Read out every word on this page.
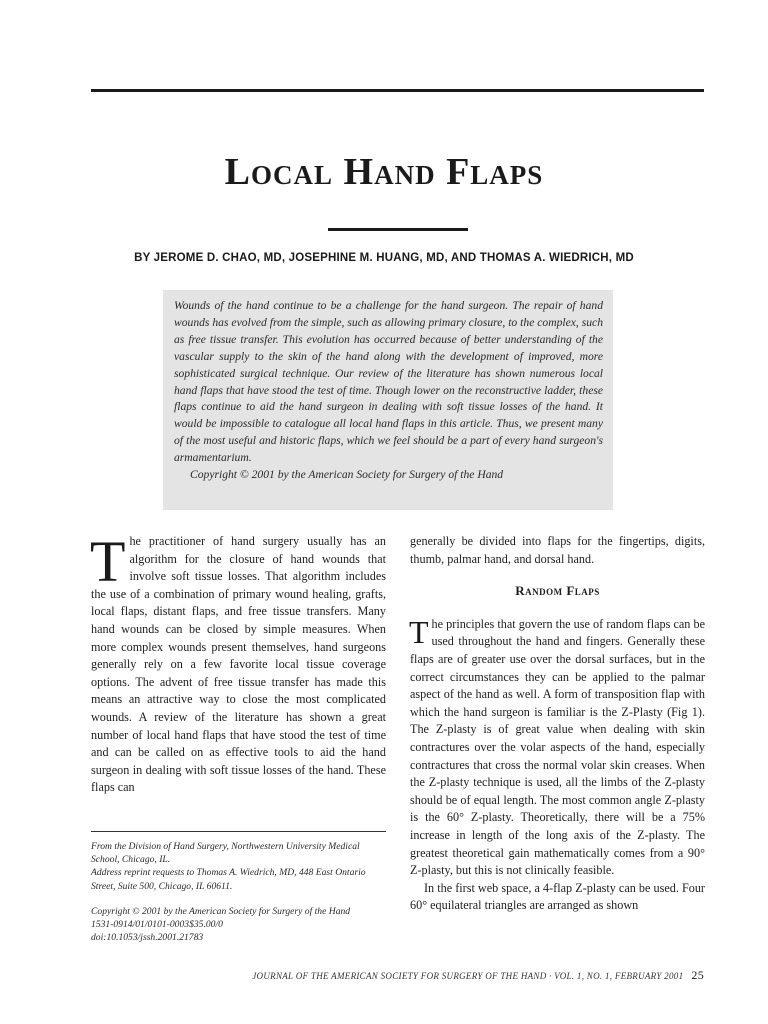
Local Hand Flaps
BY JEROME D. CHAO, MD, JOSEPHINE M. HUANG, MD, AND THOMAS A. WIEDRICH, MD

Wounds of the hand continue to be a challenge for the hand surgeon. The repair of hand wounds has evolved from the simple, such as allowing primary closure, to the complex, such as free tissue transfer. This evolution has occurred because of better understanding of the vascular supply to the skin of the hand along with the development of improved, more sophisticated surgical technique. Our review of the literature has shown numerous local hand flaps that have stood the test of time. Though lower on the reconstructive ladder, these flaps continue to aid the hand surgeon in dealing with soft tissue losses of the hand. It would be impossible to catalogue all local hand flaps in this article. Thus, we present many of the most useful and historic flaps, which we feel should be a part of every hand surgeon's armamentarium.

Copyright © 2001 by the American Society for Surgery of the Hand

The practitioner of hand surgery usually has an algorithm for the closure of hand wounds that involve soft tissue losses. That algorithm includes the use of a combination of primary wound healing, grafts, local flaps, distant flaps, and free tissue transfers. Many hand wounds can be closed by simple measures. When more complex wounds present themselves, hand surgeons generally rely on a few favorite local tissue coverage options. The advent of free tissue transfer has made this means an attractive way to close the most complicated wounds. A review of the literature has shown a great number of local hand flaps that have stood the test of time and can be called on as effective tools to aid the hand surgeon in dealing with soft tissue losses of the hand. These flaps can

generally be divided into flaps for the fingertips, digits, thumb, palmar hand, and dorsal hand.

Random Flaps

The principles that govern the use of random flaps can be used throughout the hand and fingers. Generally these flaps are of greater use over the dorsal surfaces, but in the correct circumstances they can be applied to the palmar aspect of the hand as well. A form of transposition flap with which the hand surgeon is familiar is the Z-Plasty (Fig 1). The Z-plasty is of great value when dealing with skin contractures over the volar aspects of the hand, especially contractures that cross the normal volar skin creases. When the Z-plasty technique is used, all the limbs of the Z-plasty should be of equal length. The most common angle Z-plasty is the 60° Z-plasty. Theoretically, there will be a 75% increase in length of the long axis of the Z-plasty. The greatest theoretical gain mathematically comes from a 90° Z-plasty, but this is not clinically feasible.

In the first web space, a 4-flap Z-plasty can be used. Four 60° equilateral triangles are arranged as shown

From the Division of Hand Surgery, Northwestern University Medical School, Chicago, IL.

Address reprint requests to Thomas A. Wiedrich, MD, 448 East Ontario Street, Suite 500, Chicago, IL 60611.

Copyright © 2001 by the American Society for Surgery of the Hand

1531-0914/01/0101-0003$35.00/0

doi:10.1053/jssh.2001.21783

JOURNAL OF THE AMERICAN SOCIETY FOR SURGERY OF THE HAND · VOL. 1, NO. 1, FEBRUARY 2001 25
